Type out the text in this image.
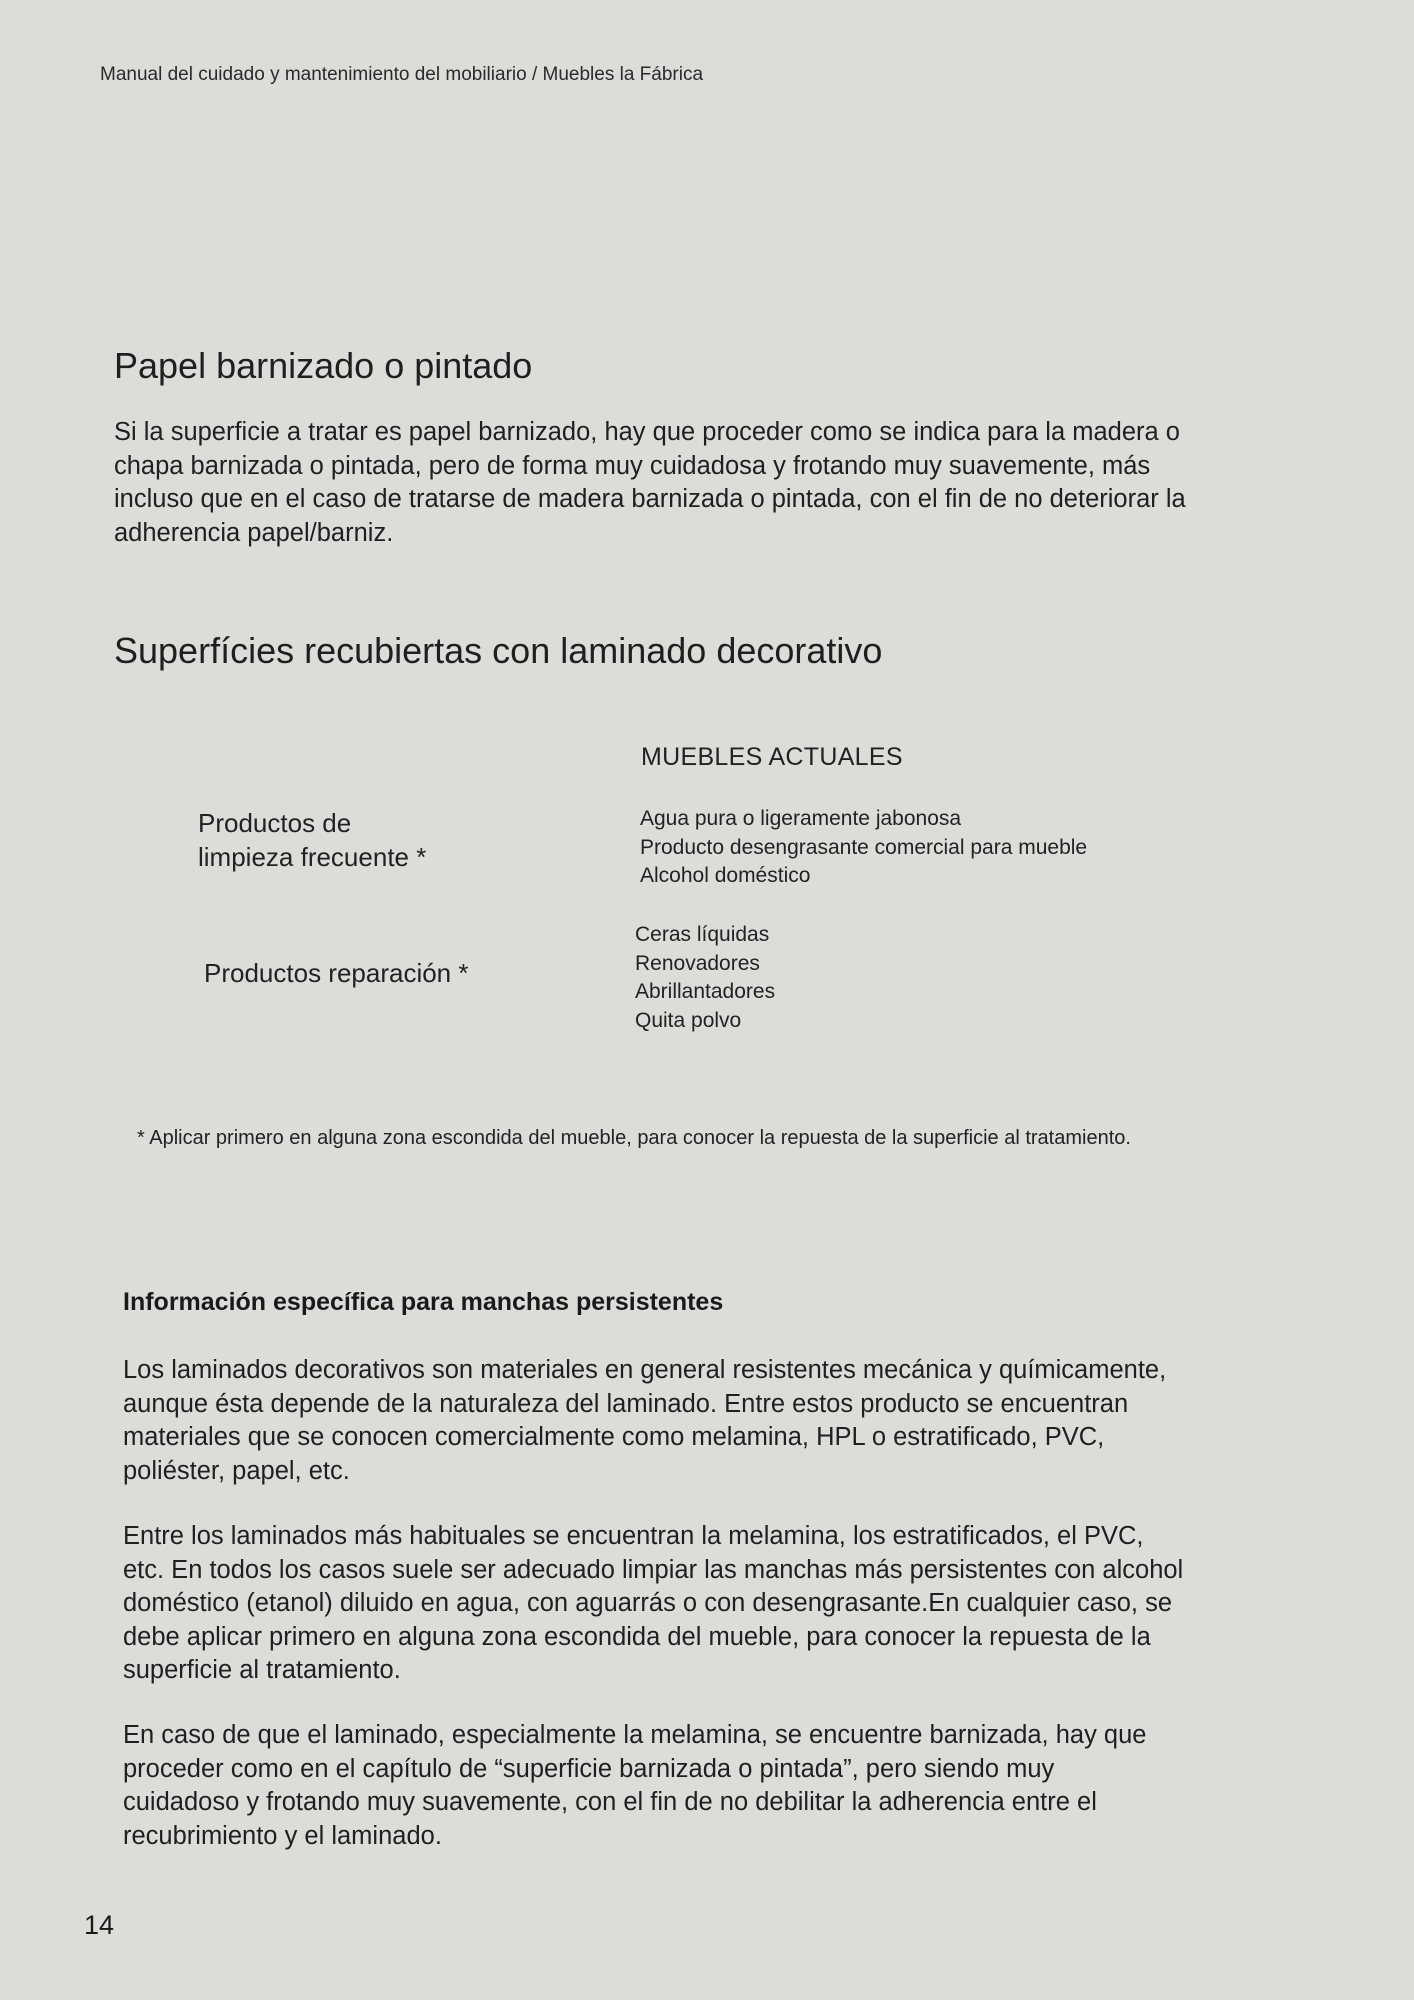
Manual del cuidado y mantenimiento del mobiliario / Muebles la Fábrica
Papel barnizado o pintado

Si la superficie a tratar es papel barnizado, hay que proceder como se indica para la madera o

chapa barnizada o pintada, pero de forma muy cuidadosa y frotando muy suavemente, más

incluso que en el caso de tratarse de madera barnizada o pintada, con el fin de no deteriorar la

adherencia papel/barniz.

Superfícies recubiertas con laminado decorativo
MUEBLES ACTUALES
Productos de
limpieza frecuente *
Agua pura o ligeramente jabonosa
Producto desengrasante comercial para mueble
Alcohol doméstico
Productos reparación *
Ceras líquidas
Renovadores
Abrillantadores
Quita polvo
* Aplicar primero en alguna zona escondida del mueble, para conocer la repuesta de la superficie al tratamiento.
Información específica para manchas persistentes

Los laminados decorativos son materiales en general resistentes mecánica y químicamente,

aunque ésta depende de la naturaleza del laminado. Entre estos producto se encuentran

materiales que se conocen comercialmente como melamina, HPL o estratificado, PVC,

poliéster, papel, etc.

Entre los laminados más habituales se encuentran la melamina, los estratificados, el PVC,

etc. En todos los casos suele ser adecuado limpiar las manchas más persistentes con alcohol

doméstico (etanol) diluido en agua, con aguarrás o con desengrasante.En cualquier caso, se

debe aplicar primero en alguna zona escondida del mueble, para conocer la repuesta de la

superficie al tratamiento.

En caso de que el laminado, especialmente la melamina, se encuentre barnizada, hay que

proceder como en el capítulo de “superficie barnizada o pintada”, pero siendo muy

cuidadoso y frotando muy suavemente, con el fin de no debilitar la adherencia entre el

recubrimiento y el laminado.

14
